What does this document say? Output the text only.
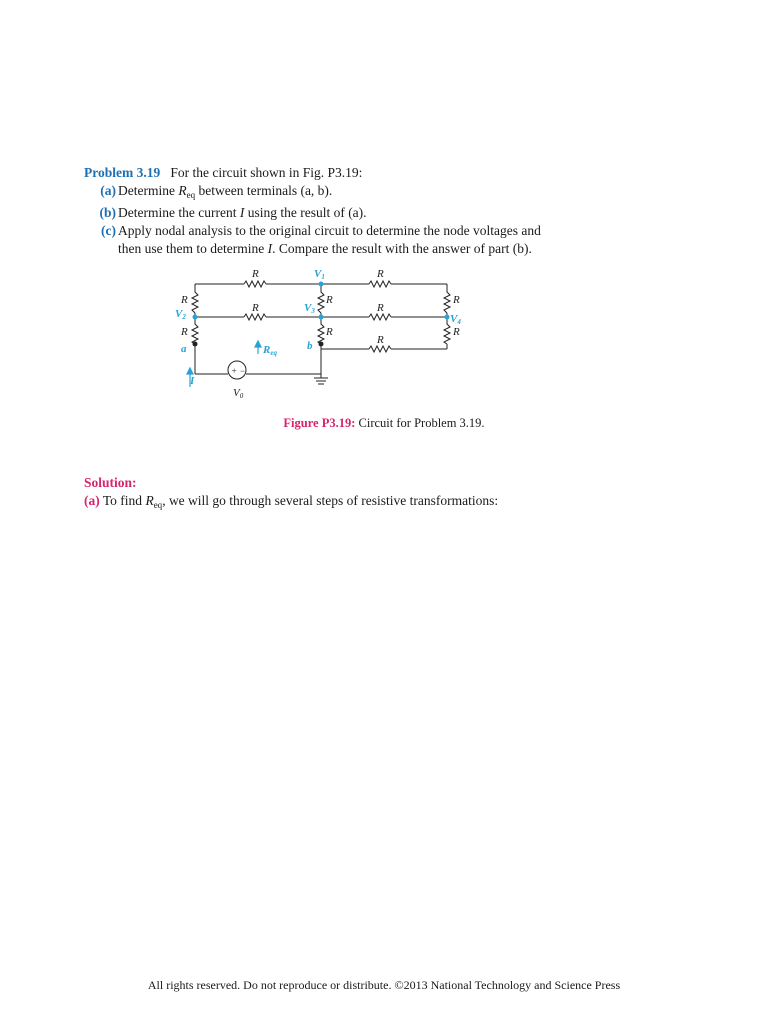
Problem 3.19 For the circuit shown in Fig. P3.19:
(a) Determine $R_{eq}$ between terminals (a, b).
(b) Determine the current I using the result of (a).
(c) Apply nodal analysis to the original circuit to determine the node voltages and
then use them to determine I. Compare the result with the answer of part (b).
R	R
R	R
R
R
R
R
R
R
R
+ −
V1
V2
V3
V4
a	b
I
Req
V0
Figure P3.19: Circuit for Problem 3.19.
Solution:
(a) To find $R_{eq}$, we will go through several steps of resistive transformations:
All rights reserved. Do not reproduce or distribute. ©2013 National Technology and Science Press
